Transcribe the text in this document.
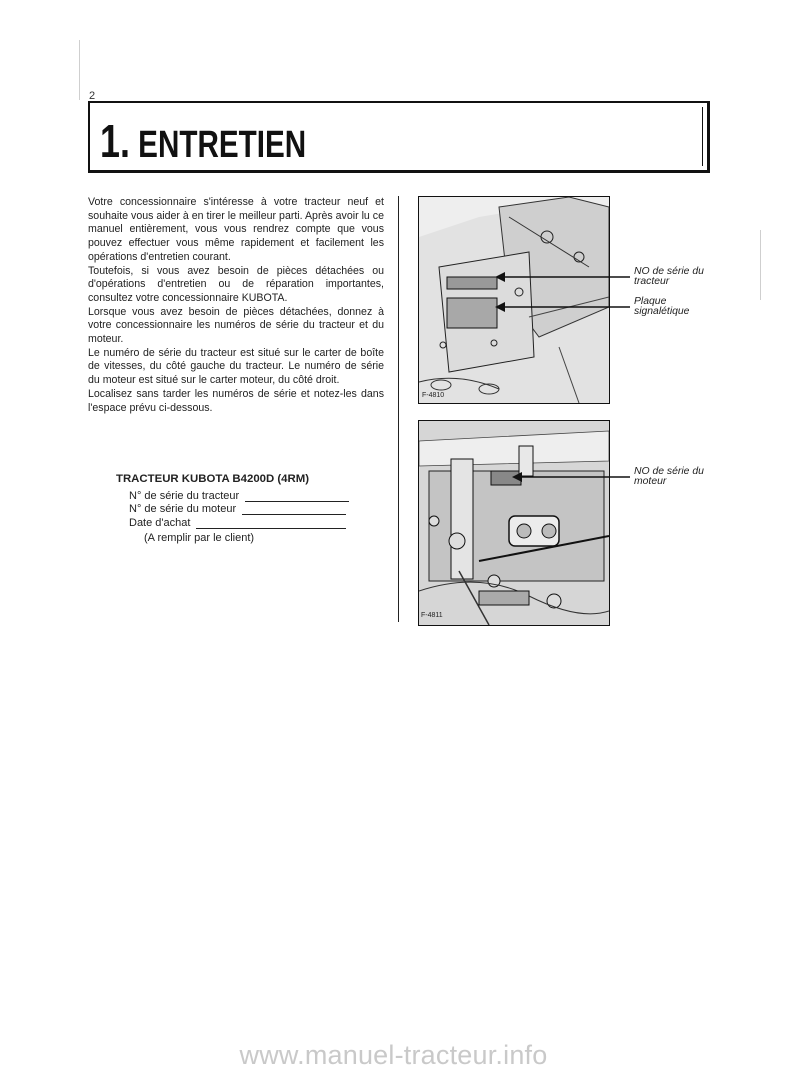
2
1. ENTRETIEN

Votre concessionnaire s'intéresse à votre tracteur neuf et souhaite vous aider à en tirer le meilleur parti. Après avoir lu ce manuel entièrement, vous vous rendrez compte que vous pouvez effectuer vous même rapidement et facilement les opérations d'entretien courant.

Toutefois, si vous avez besoin de pièces détachées ou d'opérations d'entretien ou de réparation importantes, consultez votre concessionnaire KUBOTA.

Lorsque vous avez besoin de pièces détachées, donnez à votre concessionnaire les numéros de série du tracteur et du moteur.

Le numéro de série du tracteur est situé sur le carter de boîte de vitesses, du côté gauche du tracteur. Le numéro de série du moteur est situé sur le carter moteur, du côté droit.

Localisez sans tarder les numéros de série et notez-les dans l'espace prévu ci-dessous.

TRACTEUR KUBOTA B4200D (4RM)
N° de série du tracteur
N° de série du moteur
Date d'achat
(A remplir par le client)
F-4810
NO de série du tracteur
Plaque signalétique
F-4811
NO de série du moteur
www.manuel-tracteur.info
